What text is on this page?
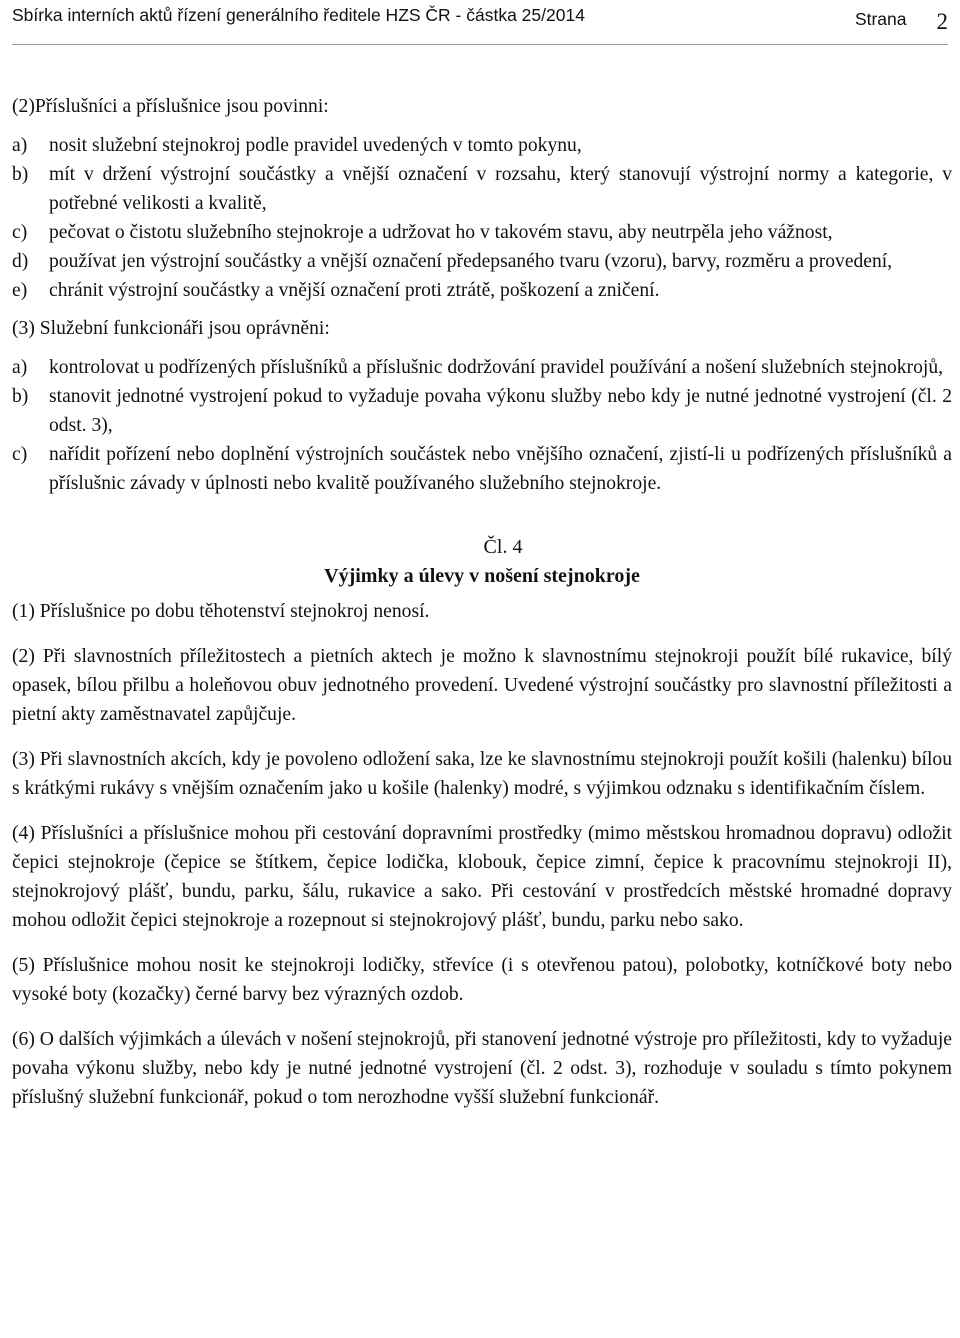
Sbírka interních aktů řízení generálního ředitele HZS ČR - částka 25/2014	Strana 2

(2)Příslušníci a příslušnice jsou povinni:

a) nosit služební stejnokroj podle pravidel uvedených v tomto pokynu,
b) mít v držení výstrojní součástky a vnější označení v rozsahu, který stanovují výstrojní normy a kategorie, v potřebné velikosti a kvalitě,
c) pečovat o čistotu služebního stejnokroje a udržovat ho v takovém stavu, aby neutrpěla jeho vážnost,
d) používat jen výstrojní součástky a vnější označení předepsaného tvaru (vzoru), barvy, rozměru a provedení,
e) chránit výstrojní součástky a vnější označení proti ztrátě, poškození a zničení.

(3) Služební funkcionáři jsou oprávněni:

a) kontrolovat u podřízených příslušníků a příslušnic dodržování pravidel používání a nošení služebních stejnokrojů,
b) stanovit jednotné vystrojení pokud to vyžaduje povaha výkonu služby nebo kdy je nutné jednotné vystrojení (čl. 2 odst. 3),
c) nařídit pořízení nebo doplnění výstrojních součástek nebo vnějšího označení, zjistí-li u podřízených příslušníků a příslušnic závady v úplnosti nebo kvalitě používaného služebního stejnokroje.

Čl. 4

Výjimky a úlevy v nošení stejnokroje

(1) Příslušnice po dobu těhotenství stejnokroj nenosí.

(2) Při slavnostních příležitostech a pietních aktech je možno k slavnostnímu stejnokroji použít bílé rukavice, bílý opasek, bílou přilbu a holeňovou obuv jednotného provedení. Uvedené výstrojní součástky pro slavnostní příležitosti a pietní akty zaměstnavatel zapůjčuje.

(3) Při slavnostních akcích, kdy je povoleno odložení saka, lze ke slavnostnímu stejnokroji použít košili (halenku) bílou s krátkými rukávy s vnějším označením jako u košile (halenky) modré, s výjimkou odznaku s identifikačním číslem.

(4) Příslušníci a příslušnice mohou při cestování dopravními prostředky (mimo městskou hromadnou dopravu) odložit čepici stejnokroje (čepice se štítkem, čepice lodička, klobouk, čepice zimní, čepice k pracovnímu stejnokroji II), stejnokrojový plášť, bundu, parku, šálu, rukavice a sako. Při cestování v prostředcích městské hromadné dopravy mohou odložit čepici stejnokroje a rozepnout si stejnokrojový plášť, bundu, parku nebo sako.

(5) Příslušnice mohou nosit ke stejnokroji lodičky, střevíce (i s otevřenou patou), polobotky, kotníčkové boty nebo vysoké boty (kozačky) černé barvy bez výrazných ozdob.

(6) O dalších výjimkách a úlevách v nošení stejnokrojů, při stanovení jednotné výstroje pro příležitosti, kdy to vyžaduje povaha výkonu služby, nebo kdy je nutné jednotné vystrojení (čl. 2 odst. 3), rozhoduje v souladu s tímto pokynem příslušný služební funkcionář, pokud o tom nerozhodne vyšší služební funkcionář.
